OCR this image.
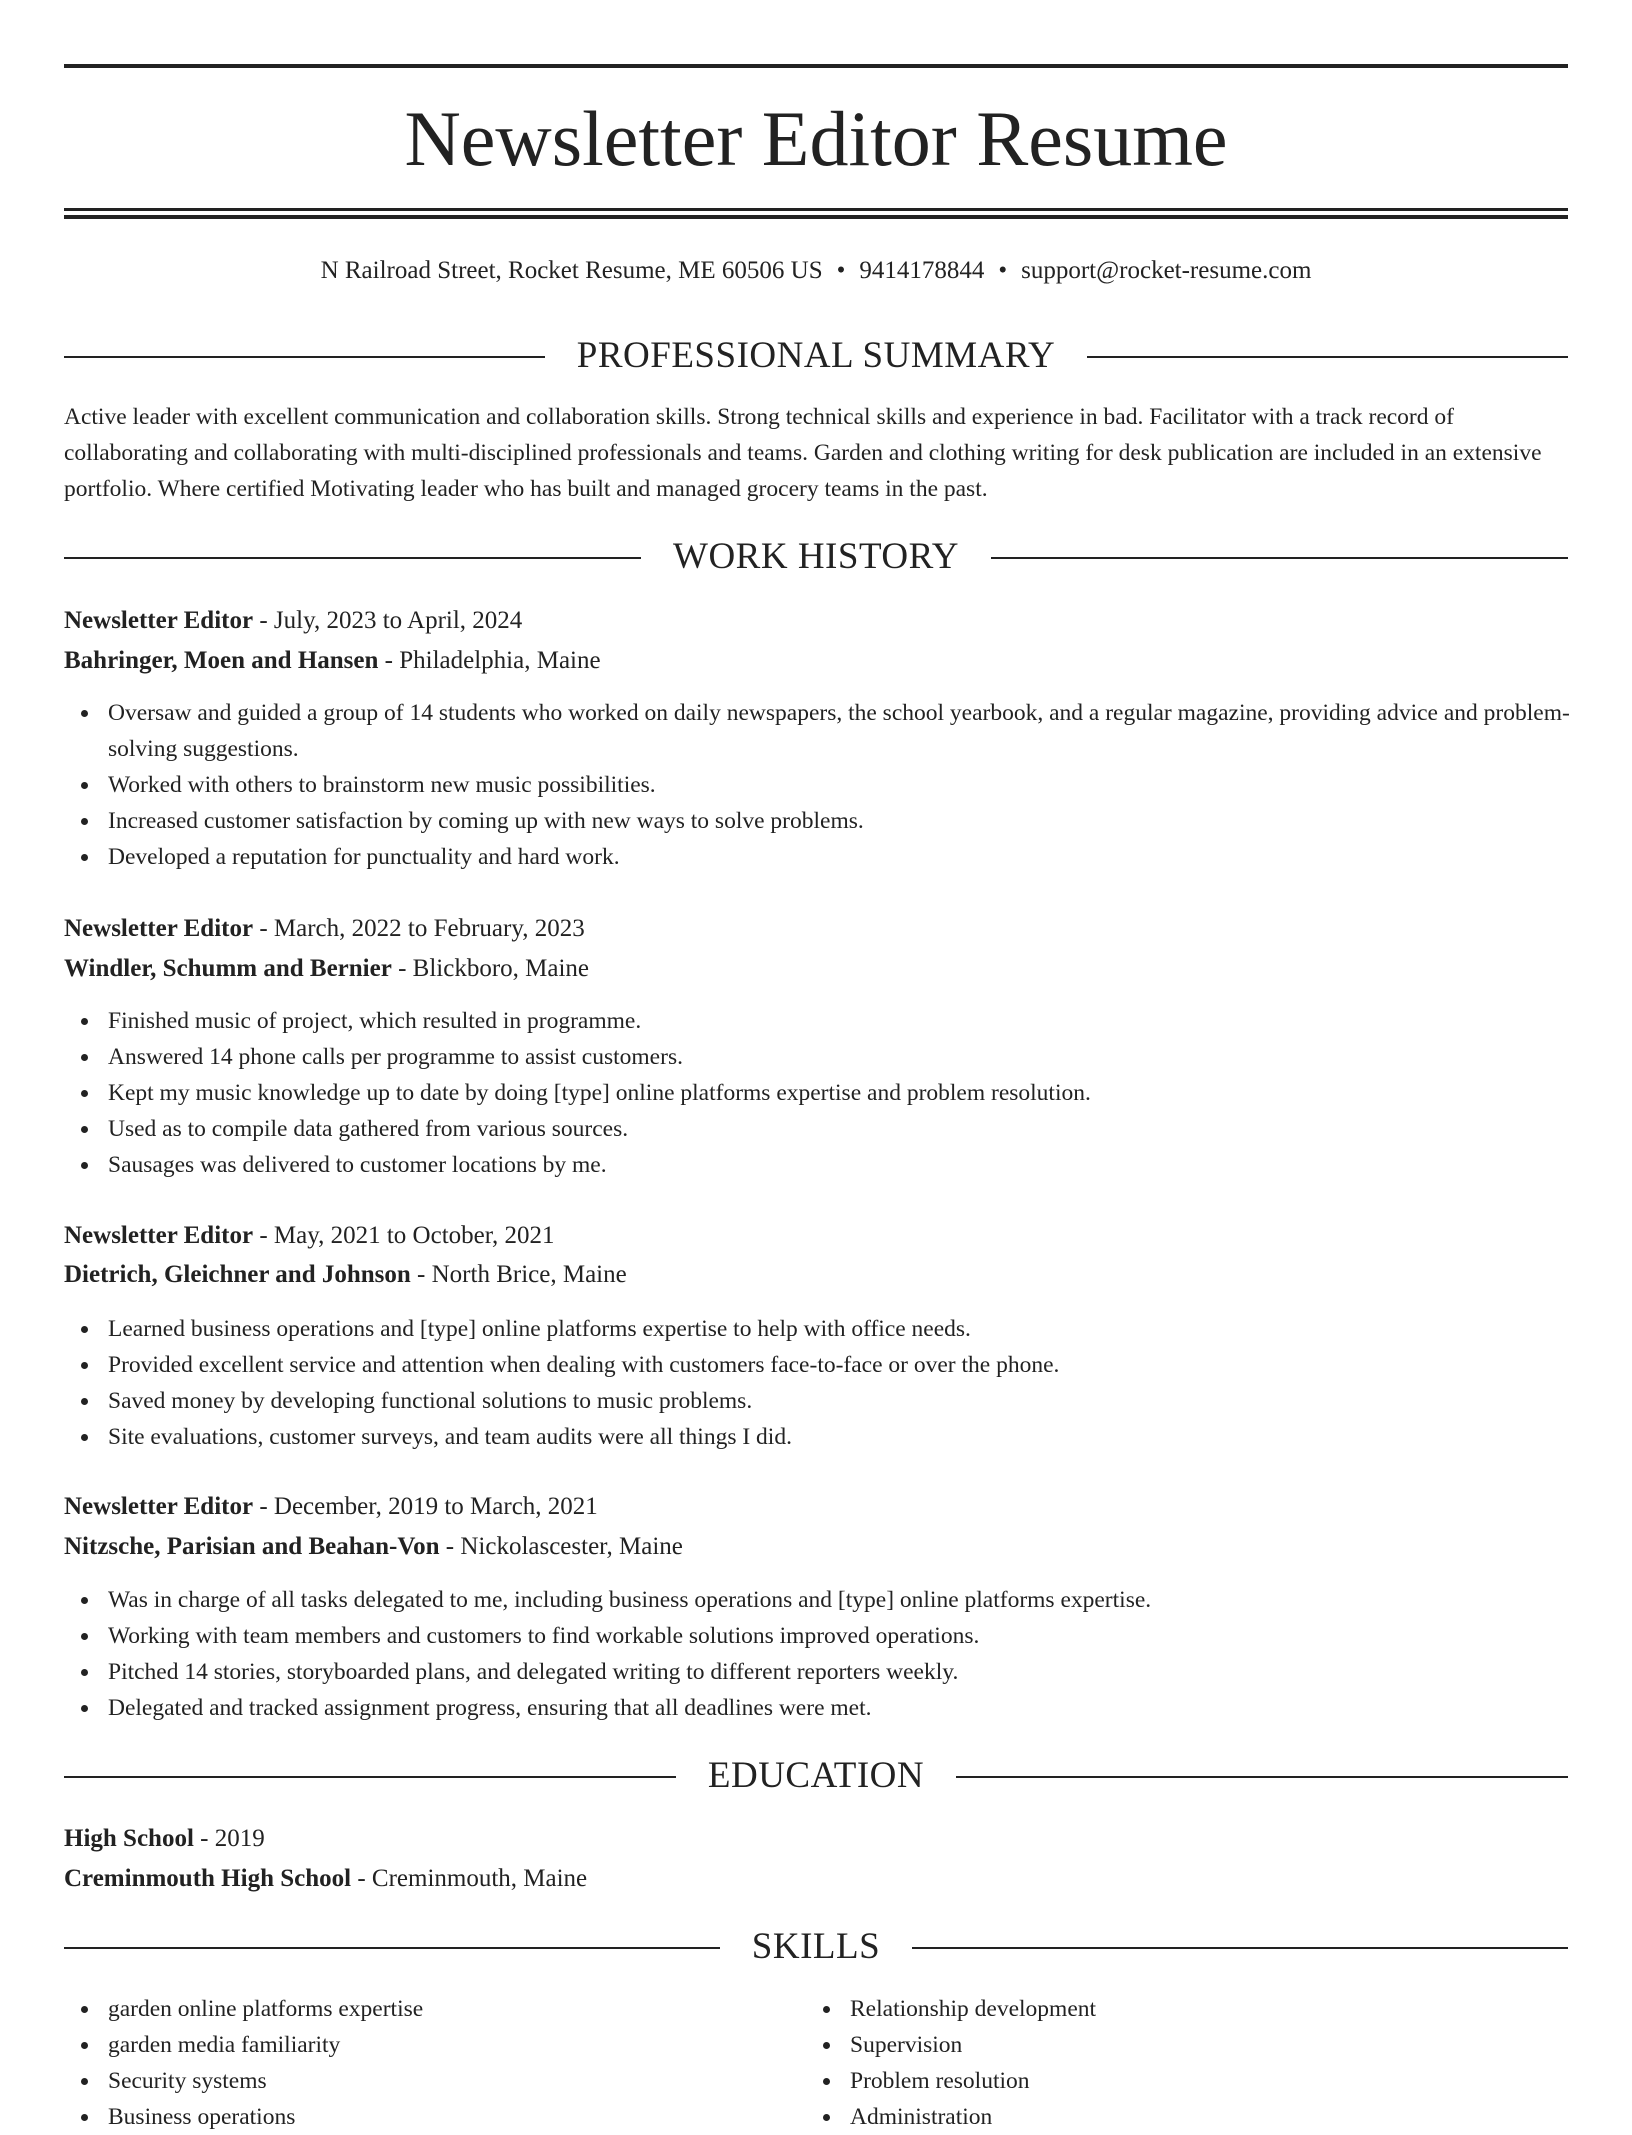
Newsletter Editor Resume
N Railroad Street, Rocket Resume, ME 60506 US • 9414178844 • support@rocket-resume.com
PROFESSIONAL SUMMARY
Active leader with excellent communication and collaboration skills. Strong technical skills and experience in bad. Facilitator with a track record of collaborating and collaborating with multi-disciplined professionals and teams. Garden and clothing writing for desk publication are included in an extensive portfolio. Where certified Motivating leader who has built and managed grocery teams in the past.
WORK HISTORY
Newsletter Editor - July, 2023 to April, 2024
Bahringer, Moen and Hansen - Philadelphia, Maine
Oversaw and guided a group of 14 students who worked on daily newspapers, the school yearbook, and a regular magazine, providing advice and problem-solving suggestions.
Worked with others to brainstorm new music possibilities.
Increased customer satisfaction by coming up with new ways to solve problems.
Developed a reputation for punctuality and hard work.
Newsletter Editor - March, 2022 to February, 2023
Windler, Schumm and Bernier - Blickboro, Maine
Finished music of project, which resulted in programme.
Answered 14 phone calls per programme to assist customers.
Kept my music knowledge up to date by doing [type] online platforms expertise and problem resolution.
Used as to compile data gathered from various sources.
Sausages was delivered to customer locations by me.
Newsletter Editor - May, 2021 to October, 2021
Dietrich, Gleichner and Johnson - North Brice, Maine
Learned business operations and [type] online platforms expertise to help with office needs.
Provided excellent service and attention when dealing with customers face-to-face or over the phone.
Saved money by developing functional solutions to music problems.
Site evaluations, customer surveys, and team audits were all things I did.
Newsletter Editor - December, 2019 to March, 2021
Nitzsche, Parisian and Beahan-Von - Nickolascester, Maine
Was in charge of all tasks delegated to me, including business operations and [type] online platforms expertise.
Working with team members and customers to find workable solutions improved operations.
Pitched 14 stories, storyboarded plans, and delegated writing to different reporters weekly.
Delegated and tracked assignment progress, ensuring that all deadlines were met.
EDUCATION
High School - 2019
Creminmouth High School - Creminmouth, Maine
SKILLS
garden online platforms expertise
garden media familiarity
Security systems
Business operations
Relationship development
Supervision
Problem resolution
Administration
